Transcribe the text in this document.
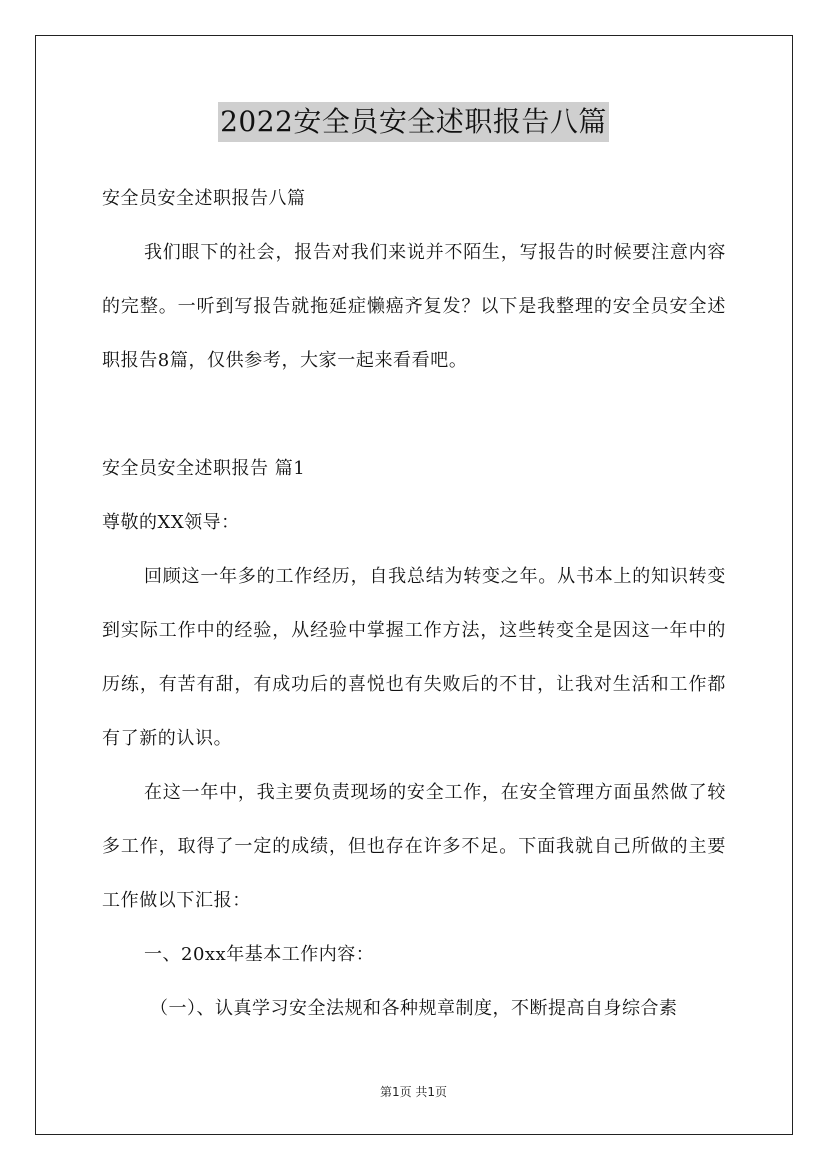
2022安全员安全述职报告八篇
安全员安全述职报告八篇
我们眼下的社会，报告对我们来说并不陌生，写报告的时候要注意内容的完整。一听到写报告就拖延症懒癌齐复发？以下是我整理的安全员安全述职报告8篇，仅供参考，大家一起来看看吧。
安全员安全述职报告 篇1
尊敬的XX领导：
回顾这一年多的工作经历，自我总结为转变之年。从书本上的知识转变到实际工作中的经验，从经验中掌握工作方法，这些转变全是因这一年中的历练，有苦有甜，有成功后的喜悦也有失败后的不甘，让我对生活和工作都有了新的认识。
在这一年中，我主要负责现场的安全工作，在安全管理方面虽然做了较多工作，取得了一定的成绩，但也存在许多不足。下面我就自己所做的主要工作做以下汇报：
一、20xx年基本工作内容：
（一）、认真学习安全法规和各种规章制度，不断提高自身综合素
第1页 共1页
